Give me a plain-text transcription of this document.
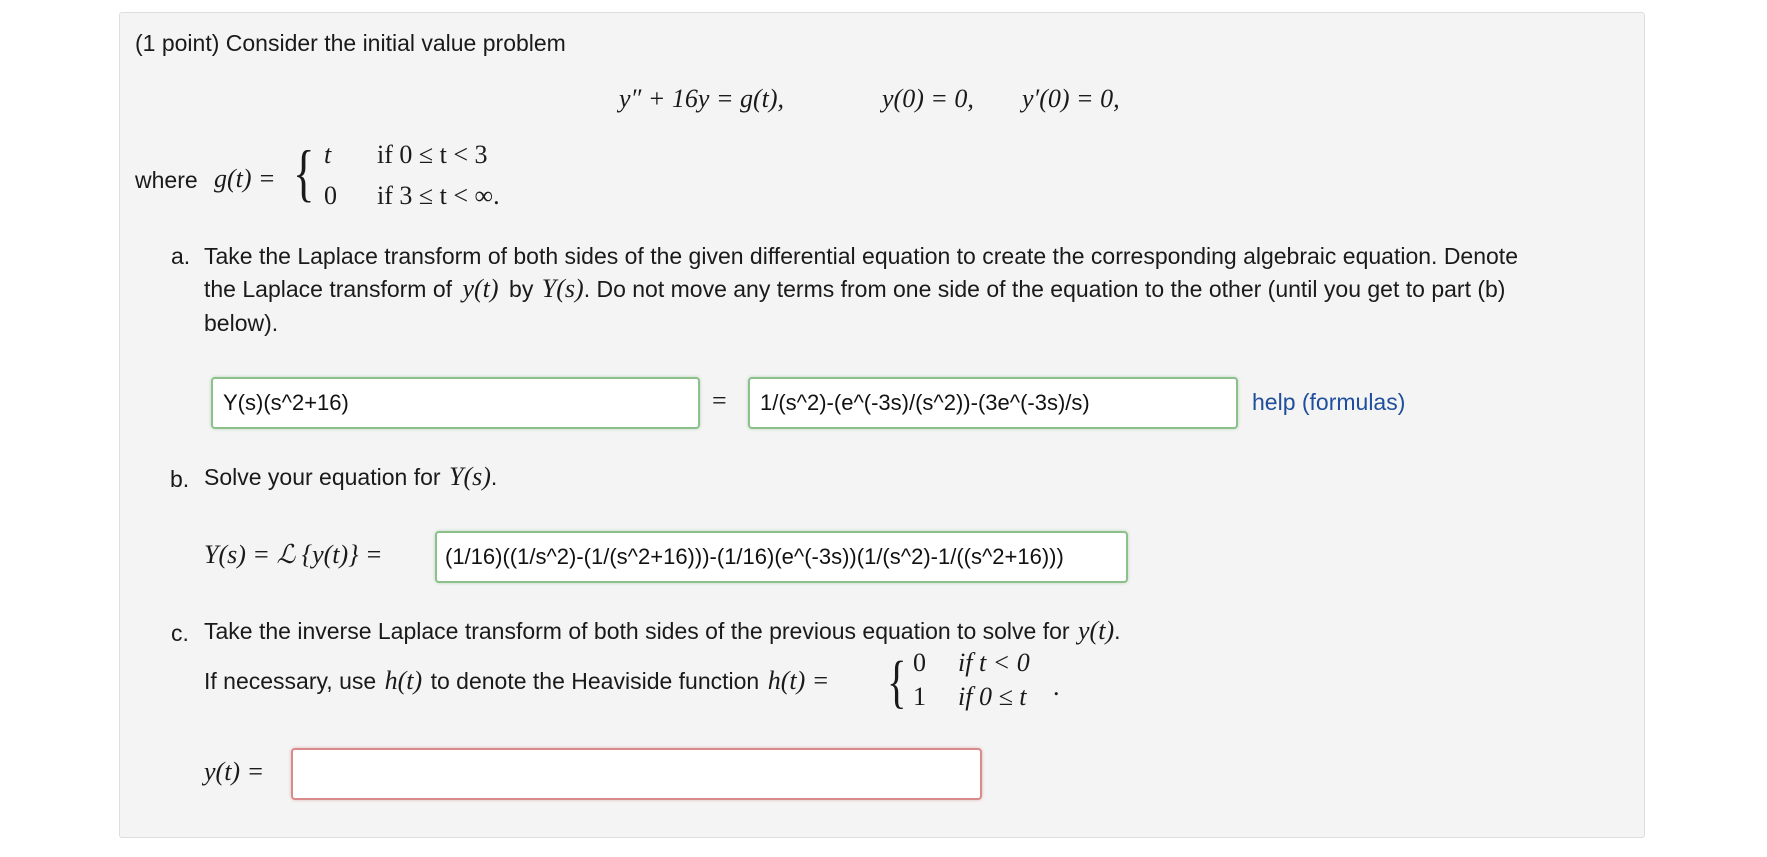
(1 point) Consider the initial value problem
y″ + 16y = g(t),	y(0) = 0, y′(0) = 0,
where g(t) = { t if 0 ≤ t < 3
0 if 3 ≤ t < ∞.
a. Take the Laplace transform of both sides of the given differential equation to create the corresponding algebraic equation. Denote
the Laplace transform of y(t) by Y(s). Do not move any terms from one side of the equation to the other (until you get to part (b)
below).
Y(s)(s^2+16)	=	1/(s^2)-(e^(-3s)/(s^2))-(3e^(-3s)/s)	help (formulas)
b. Solve your equation for Y(s).
Y(s) = ℒ {y(t)} =	(1/16)((1/s^2)-(1/(s^2+16)))-(1/16)(e^(-3s))(1/(s^2)-1/((s^2+16)))
c. Take the inverse Laplace transform of both sides of the previous equation to solve for y(t).
If necessary, use h(t) to denote the Heaviside function h(t) = { 0 if t < 0
1 if 0 ≤ t .
y(t) =
